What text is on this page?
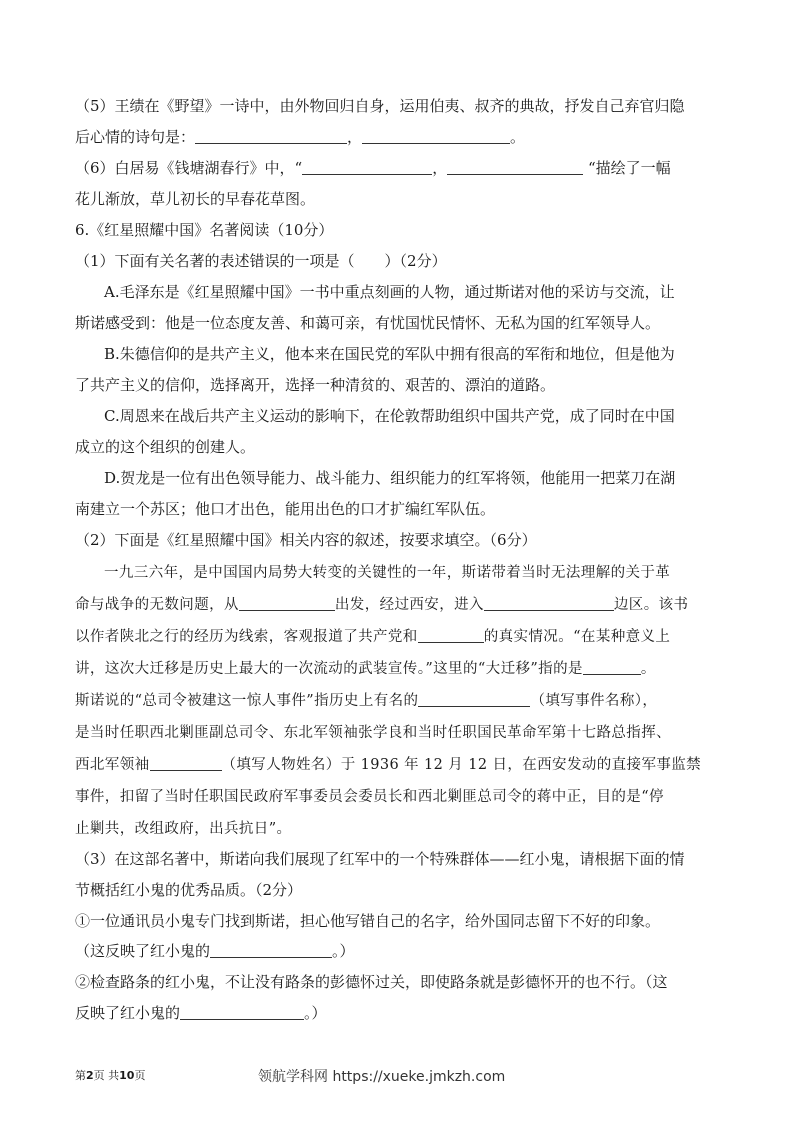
（5）王绩在《野望》一诗中，由外物回归自身，运用伯夷、叔齐的典故，抒发自己弃官归隐
后心情的诗句是：	，	。
（6）白居易《钱塘湖春行》中，“	，	“描绘了一幅
花儿渐放，草儿初长的早春花草图。
6.《红星照耀中国》名著阅读（10分）
（1）下面有关名著的表述错误的一项是（　　）（2分）
A.毛泽东是《红星照耀中国》一书中重点刻画的人物，通过斯诺对他的采访与交流，让
斯诺感受到：他是一位态度友善、和蔼可亲，有忧国忧民情怀、无私为国的红军领导人。
B.朱德信仰的是共产主义，他本来在国民党的军队中拥有很高的军衔和地位，但是他为
了共产主义的信仰，选择离开，选择一种清贫的、艰苦的、漂泊的道路。
C.周恩来在战后共产主义运动的影响下，在伦敦帮助组织中国共产党，成了同时在中国
成立的这个组织的创建人。
D.贺龙是一位有出色领导能力、战斗能力、组织能力的红军将领，他能用一把菜刀在湖
南建立一个苏区；他口才出色，能用出色的口才扩编红军队伍。
（2）下面是《红星照耀中国》相关内容的叙述，按要求填空。（6分）
一九三六年，是中国国内局势大转变的关键性的一年，斯诺带着当时无法理解的关于革
命与战争的无数问题，从	出发，经过西安，进入	边区。该书
以作者陕北之行的经历为线索，客观报道了共产党和	的真实情况。“在某种意义上
讲，这次大迁移是历史上最大的一次流动的武装宣传。”这里的“大迁移”指的是	。
斯诺说的“总司令被建这一惊人事件”指历史上有名的	（填写事件名称），
是当时任职西北剿匪副总司令、东北军领袖张学良和当时任职国民革命军第十七路总指挥、
西北军领袖	（填写人物姓名）于 1936 年 12 月 12 日，在西安发动的直接军事监禁
事件，扣留了当时任职国民政府军事委员会委员长和西北剿匪总司令的蒋中正，目的是“停
止剿共，改组政府，出兵抗日”。
（3）在这部名著中，斯诺向我们展现了红军中的一个特殊群体——红小鬼，请根据下面的情
节概括红小鬼的优秀品质。（2分）
①一位通讯员小鬼专门找到斯诺，担心他写错自己的名字，给外国同志留下不好的印象。
（这反映了红小鬼的	。）
②检查路条的红小鬼，不让没有路条的彭德怀过关，即使路条就是彭德怀开的也不行。（这
反映了红小鬼的	。）
第2页 共10页	领航学科网 https://xueke.jmkzh.com
